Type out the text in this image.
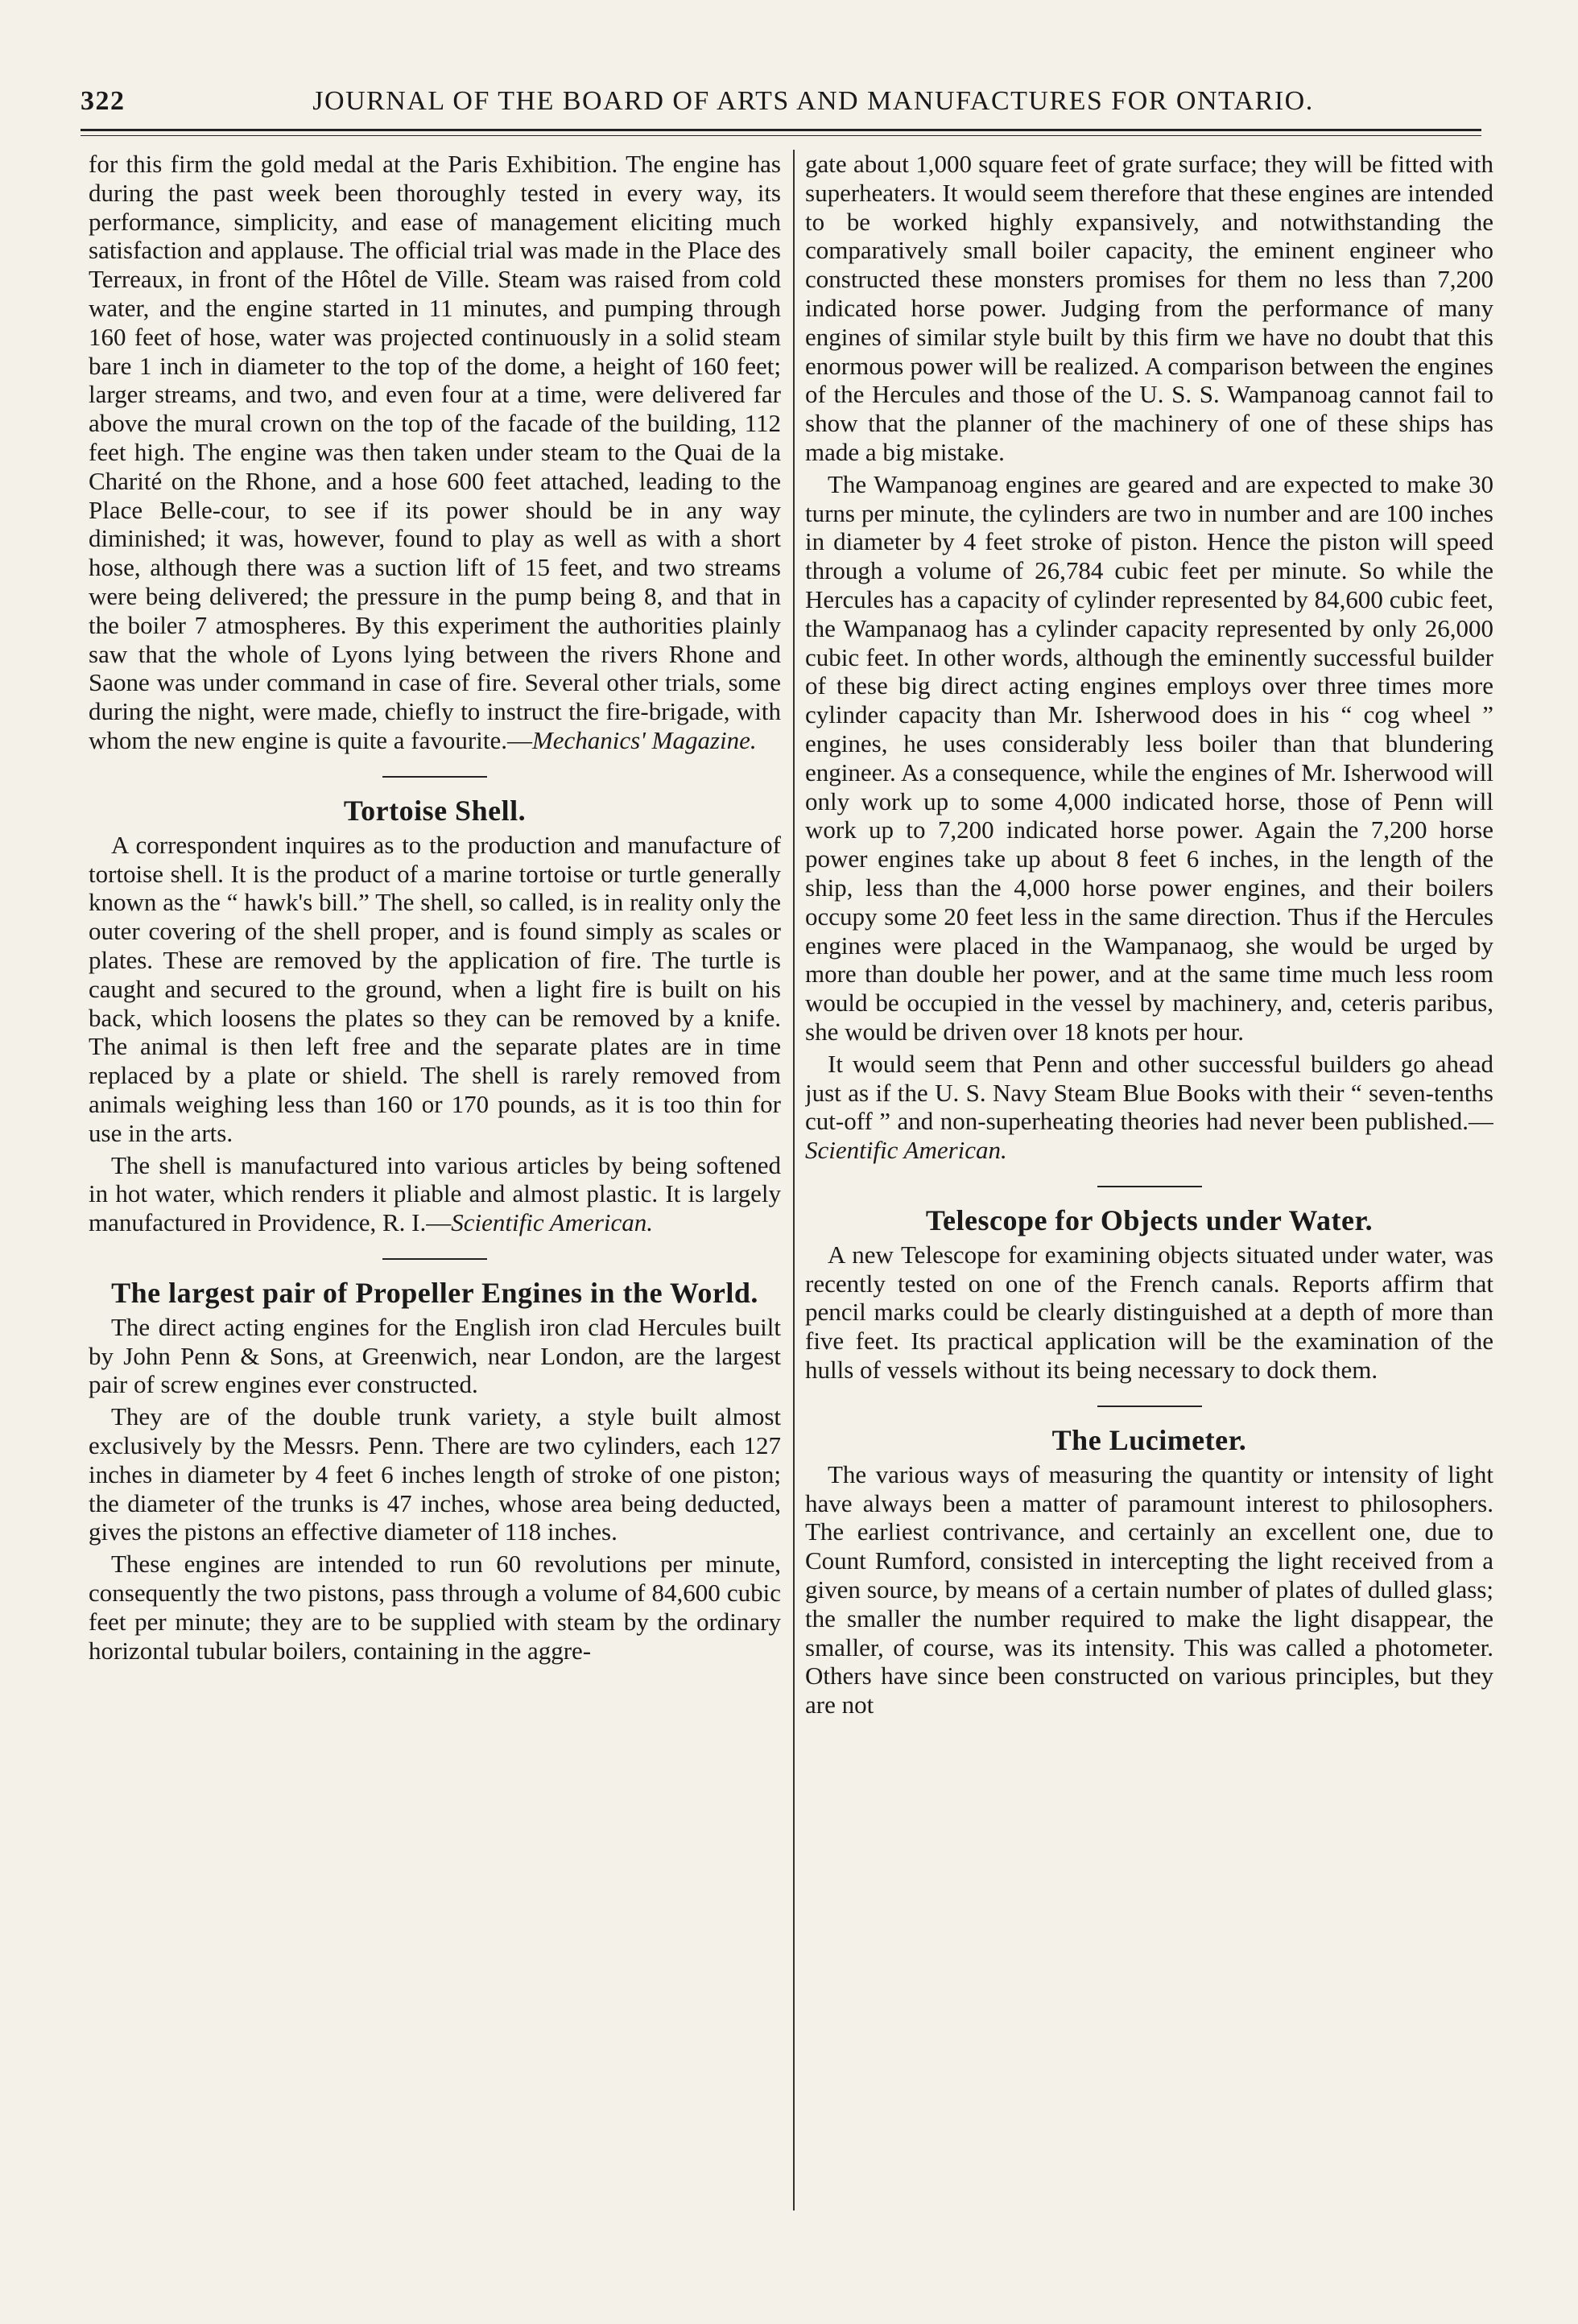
322	JOURNAL OF THE BOARD OF ARTS AND MANUFACTURES FOR ONTARIO.

for this firm the gold medal at the Paris Exhibition. The engine has during the past week been thoroughly tested in every way, its performance, simplicity, and ease of management eliciting much satisfaction and applause. The official trial was made in the Place des Terreaux, in front of the Hôtel de Ville. Steam was raised from cold water, and the engine started in 11 minutes, and pumping through 160 feet of hose, water was projected continuously in a solid steam bare 1 inch in diameter to the top of the dome, a height of 160 feet; larger streams, and two, and even four at a time, were delivered far above the mural crown on the top of the facade of the building, 112 feet high. The engine was then taken under steam to the Quai de la Charité on the Rhone, and a hose 600 feet attached, leading to the Place Belle-cour, to see if its power should be in any way diminished; it was, however, found to play as well as with a short hose, although there was a suction lift of 15 feet, and two streams were being delivered; the pressure in the pump being 8, and that in the boiler 7 atmospheres. By this experiment the authorities plainly saw that the whole of Lyons lying between the rivers Rhone and Saone was under command in case of fire. Several other trials, some during the night, were made, chiefly to instruct the fire-brigade, with whom the new engine is quite a favourite.—Mechanics' Magazine.

Tortoise Shell.

A correspondent inquires as to the production and manufacture of tortoise shell. It is the product of a marine tortoise or turtle generally known as the “ hawk's bill.” The shell, so called, is in reality only the outer covering of the shell proper, and is found simply as scales or plates. These are removed by the application of fire. The turtle is caught and secured to the ground, when a light fire is built on his back, which loosens the plates so they can be removed by a knife. The animal is then left free and the separate plates are in time replaced by a plate or shield. The shell is rarely removed from animals weighing less than 160 or 170 pounds, as it is too thin for use in the arts.

The shell is manufactured into various articles by being softened in hot water, which renders it pliable and almost plastic. It is largely manufactured in Providence, R. I.—Scientific American.

The largest pair of Propeller Engines in the World.

The direct acting engines for the English iron clad Hercules built by John Penn & Sons, at Greenwich, near London, are the largest pair of screw engines ever constructed.

They are of the double trunk variety, a style built almost exclusively by the Messrs. Penn. There are two cylinders, each 127 inches in diameter by 4 feet 6 inches length of stroke of one piston; the diameter of the trunks is 47 inches, whose area being deducted, gives the pistons an effective diameter of 118 inches.

These engines are intended to run 60 revolutions per minute, consequently the two pistons, pass through a volume of 84,600 cubic feet per minute; they are to be supplied with steam by the ordinary horizontal tubular boilers, containing in the aggre-

gate about 1,000 square feet of grate surface; they will be fitted with superheaters. It would seem therefore that these engines are intended to be worked highly expansively, and notwithstanding the comparatively small boiler capacity, the eminent engineer who constructed these monsters promises for them no less than 7,200 indicated horse power. Judging from the performance of many engines of similar style built by this firm we have no doubt that this enormous power will be realized. A comparison between the engines of the Hercules and those of the U. S. S. Wampanoag cannot fail to show that the planner of the machinery of one of these ships has made a big mistake.

The Wampanoag engines are geared and are expected to make 30 turns per minute, the cylinders are two in number and are 100 inches in diameter by 4 feet stroke of piston. Hence the piston will speed through a volume of 26,784 cubic feet per minute. So while the Hercules has a capacity of cylinder represented by 84,600 cubic feet, the Wampanaog has a cylinder capacity represented by only 26,000 cubic feet. In other words, although the eminently successful builder of these big direct acting engines employs over three times more cylinder capacity than Mr. Isherwood does in his “ cog wheel ” engines, he uses considerably less boiler than that blundering engineer. As a consequence, while the engines of Mr. Isherwood will only work up to some 4,000 indicated horse, those of Penn will work up to 7,200 indicated horse power. Again the 7,200 horse power engines take up about 8 feet 6 inches, in the length of the ship, less than the 4,000 horse power engines, and their boilers occupy some 20 feet less in the same direction. Thus if the Hercules engines were placed in the Wampanaog, she would be urged by more than double her power, and at the same time much less room would be occupied in the vessel by machinery, and, ceteris paribus, she would be driven over 18 knots per hour.

It would seem that Penn and other successful builders go ahead just as if the U. S. Navy Steam Blue Books with their “ seven-tenths cut-off ” and non-superheating theories had never been published.—Scientific American.

Telescope for Objects under Water.

A new Telescope for examining objects situated under water, was recently tested on one of the French canals. Reports affirm that pencil marks could be clearly distinguished at a depth of more than five feet. Its practical application will be the examination of the hulls of vessels without its being necessary to dock them.

The Lucimeter.

The various ways of measuring the quantity or intensity of light have always been a matter of paramount interest to philosophers. The earliest contrivance, and certainly an excellent one, due to Count Rumford, consisted in intercepting the light received from a given source, by means of a certain number of plates of dulled glass; the smaller the number required to make the light disappear, the smaller, of course, was its intensity. This was called a photometer. Others have since been constructed on various principles, but they are not
